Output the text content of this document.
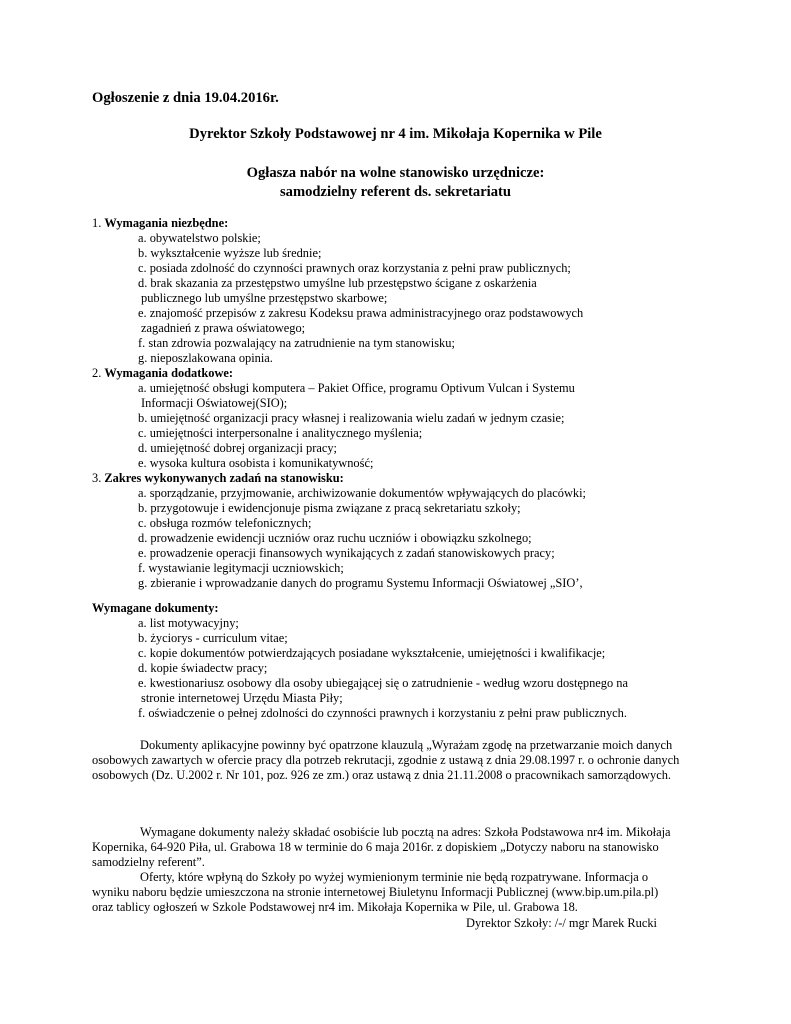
Ogłoszenie z dnia 19.04.2016r.
Dyrektor Szkoły Podstawowej nr 4 im. Mikołaja Kopernika w Pile
Ogłasza nabór na wolne stanowisko urzędnicze:
samodzielny referent ds. sekretariatu
1. Wymagania niezbędne:
a. obywatelstwo polskie;
b. wykształcenie wyższe lub średnie;
c. posiada zdolność do czynności prawnych oraz korzystania z pełni praw publicznych;
d. brak skazania za przestępstwo umyślne lub przestępstwo ścigane z oskarżenia
publicznego lub umyślne przestępstwo skarbowe;
e. znajomość przepisów z zakresu Kodeksu prawa administracyjnego oraz podstawowych
zagadnień z prawa oświatowego;
f. stan zdrowia pozwalający na zatrudnienie na tym stanowisku;
g. nieposzlakowana opinia.
2. Wymagania dodatkowe:
a. umiejętność obsługi komputera – Pakiet Office, programu Optivum Vulcan i Systemu
Informacji Oświatowej(SIO);
b. umiejętność organizacji pracy własnej i realizowania wielu zadań w jednym czasie;
c. umiejętności interpersonalne i analitycznego myślenia;
d. umiejętność dobrej organizacji pracy;
e. wysoka kultura osobista i komunikatywność;
3. Zakres wykonywanych zadań na stanowisku:
a. sporządzanie, przyjmowanie, archiwizowanie dokumentów wpływających do placówki;
b. przygotowuje i ewidencjonuje pisma związane z pracą sekretariatu szkoły;
c. obsługa rozmów telefonicznych;
d. prowadzenie ewidencji uczniów oraz ruchu uczniów i obowiązku szkolnego;
e. prowadzenie operacji finansowych wynikających z zadań stanowiskowych pracy;
f. wystawianie legitymacji uczniowskich;
g. zbieranie i wprowadzanie danych do programu Systemu Informacji Oświatowej „SIO’,
Wymagane dokumenty:
a. list motywacyjny;
b. życiorys - curriculum vitae;
c. kopie dokumentów potwierdzających posiadane wykształcenie, umiejętności i kwalifikacje;
d. kopie świadectw pracy;
e. kwestionariusz osobowy dla osoby ubiegającej się o zatrudnienie - według wzoru dostępnego na
stronie internetowej Urzędu Miasta Piły;
f. oświadczenie o pełnej zdolności do czynności prawnych i korzystaniu z pełni praw publicznych.

Dokumenty aplikacyjne powinny być opatrzone klauzulą „Wyrażam zgodę na przetwarzanie moich danych osobowych zawartych w ofercie pracy dla potrzeb rekrutacji, zgodnie z ustawą z dnia 29.08.1997 r. o ochronie danych osobowych (Dz. U.2002 r. Nr 101, poz. 926 ze zm.) oraz ustawą z dnia 21.11.2008 o pracownikach samorządowych.

Wymagane dokumenty należy składać osobiście lub pocztą na adres: Szkoła Podstawowa nr4 im. Mikołaja Kopernika, 64-920 Piła, ul. Grabowa 18 w terminie do 6 maja 2016r. z dopiskiem „Dotyczy naboru na stanowisko samodzielny referent”.

Oferty, które wpłyną do Szkoły po wyżej wymienionym terminie nie będą rozpatrywane. Informacja o wyniku naboru będzie umieszczona na stronie internetowej Biuletynu Informacji Publicznej (www.bip.um.pila.pl) oraz tablicy ogłoszeń w Szkole Podstawowej nr4 im. Mikołaja Kopernika w Pile, ul. Grabowa 18.

Dyrektor Szkoły: /-/ mgr Marek Rucki
